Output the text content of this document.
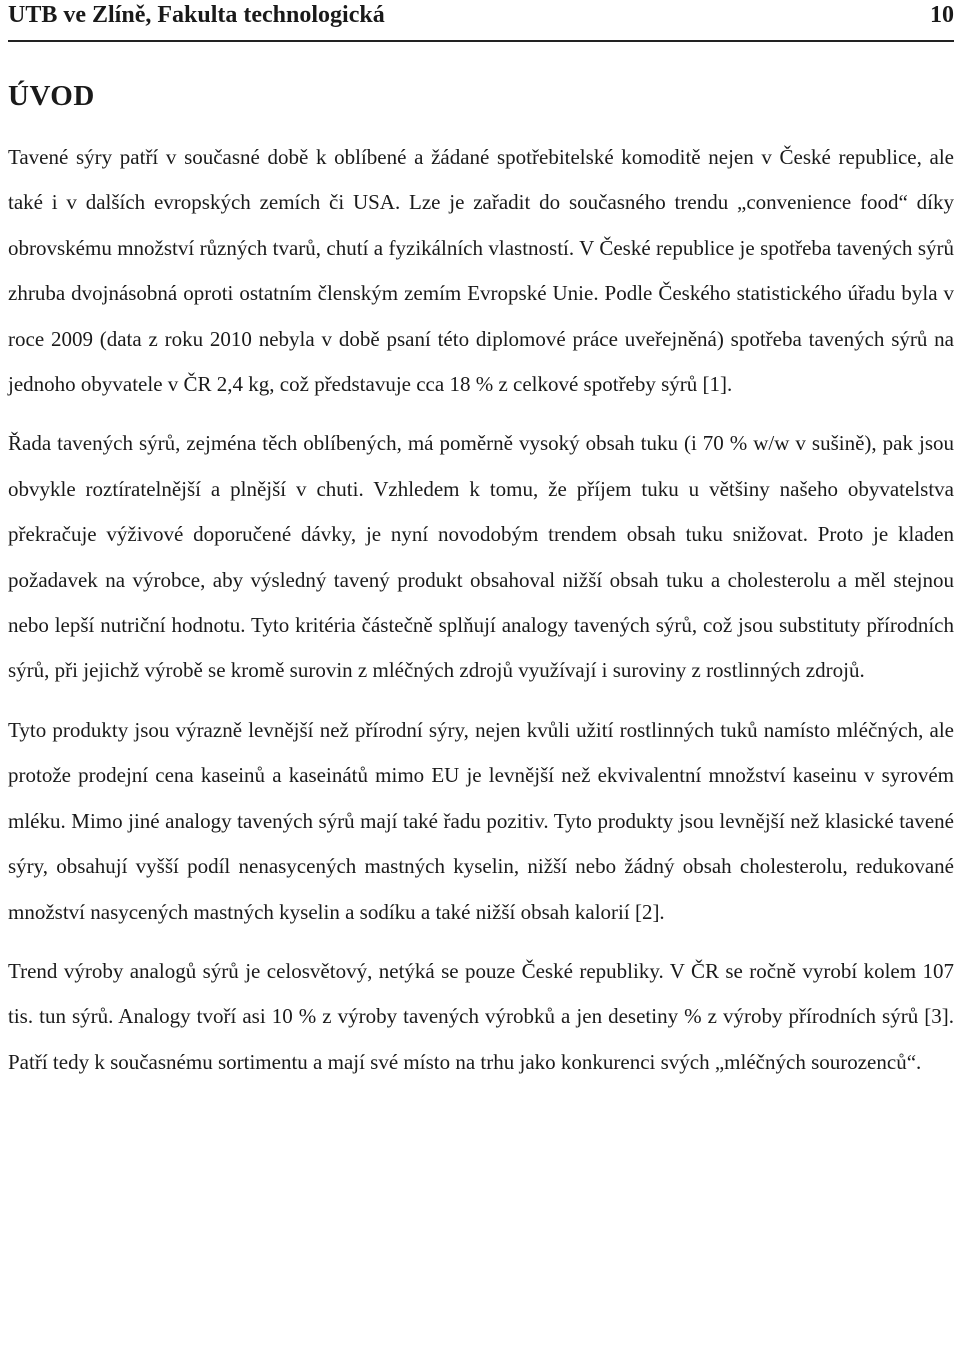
UTB ve Zlíně, Fakultа technologická	10
ÚVOD

Tavené sýry patří v současné době k oblíbené a žádané spotřebitelské komoditě nejen v České republice, ale také i v dalších evropských zemích či USA. Lze je zařadit do současného trendu „convenience food“ díky obrovskému množství různých tvarů, chutí a fyzikálních vlastností. V České republice je spotřeba tavených sýrů zhruba dvojnásobná oproti ostatním členským zemím Evropské Unie. Podle Českého statistického úřadu byla v roce 2009 (data z roku 2010 nebyla v době psaní této diplomové práce uveřejněná) spotřeba tavených sýrů na jednoho obyvatele v ČR 2,4 kg, což představuje cca 18 % z celkové spotřeby sýrů [1].

Řada tavených sýrů, zejména těch oblíbených, má poměrně vysoký obsah tuku (i 70 % w/w v sušině), pak jsou obvykle roztíratelnější a plnější v chuti. Vzhledem k tomu, že příjem tuku u většiny našeho obyvatelstva překračuje výživové doporučené dávky, je nyní novodobým trendem obsah tuku snižovat. Proto je kladen požadavek na výrobce, aby výsledný tavený produkt obsahoval nižší obsah tuku a cholesterolu a měl stejnou nebo lepší nutriční hodnotu. Tyto kritéria částečně splňují analogy tavených sýrů, což jsou substituty přírodních sýrů, při jejichž výrobě se kromě surovin z mléčných zdrojů využívají i suroviny z rostlinných zdrojů.

Tyto produkty jsou výrazně levnější než přírodní sýry, nejen kvůli užití rostlinných tuků namísto mléčných, ale protože prodejní cena kaseinů a kaseinátů mimo EU je levnější než ekvivalentní množství kaseinu v syrovém mléku. Mimo jiné analogy tavených sýrů mají také řadu pozitiv. Tyto produkty jsou levnější než klasické tavené sýry, obsahují vyšší podíl nenasycených mastných kyselin, nižší nebo žádný obsah cholesterolu, redukované množství nasycených mastných kyselin a sodíku a také nižší obsah kalorií [2].

Trend výroby analogů sýrů je celosvětový, netýká se pouze České republiky. V ČR se ročně vyrobí kolem 107 tis. tun sýrů. Analogy tvoří asi 10 % z výroby tavených výrobků a jen desetiny % z výroby přírodních sýrů [3]. Patří tedy k současnému sortimentu a mají své místo na trhu jako konkurenci svých „mléčných sourozenců“.
